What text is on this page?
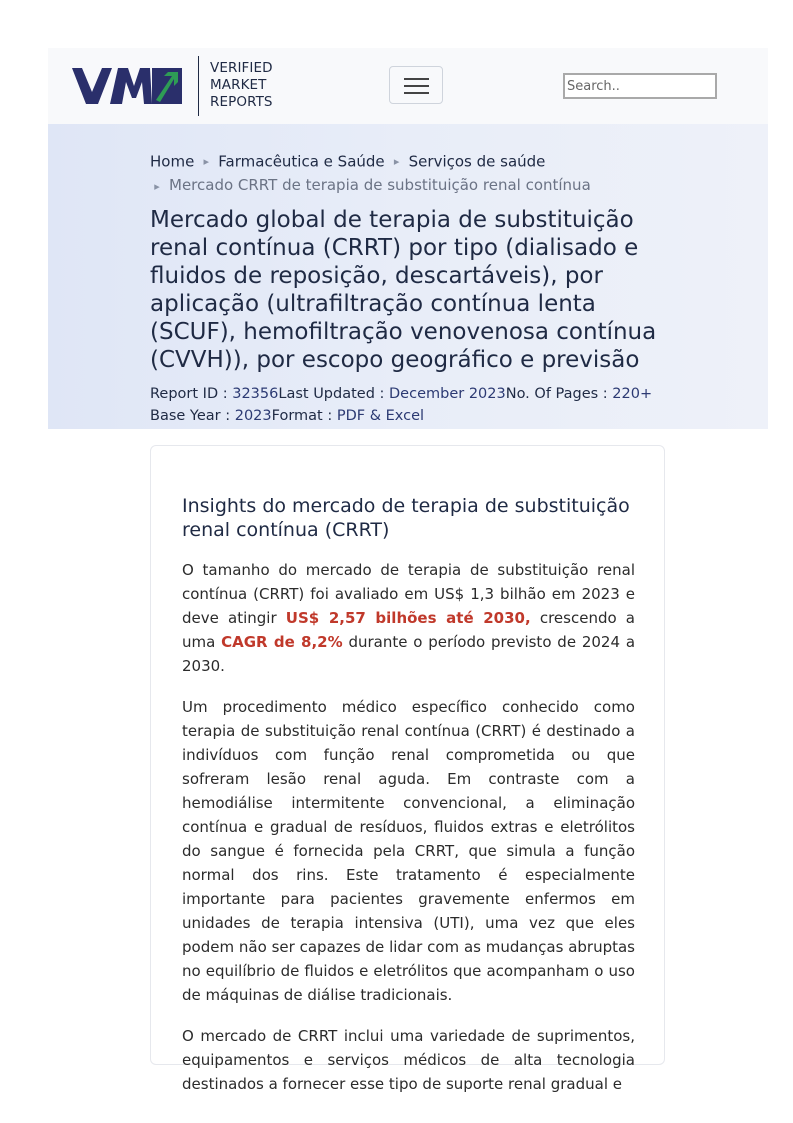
VERIFIED
MARKET
REPORTS
Search..
Home ▸ Farmacêutica e Saúde ▸ Serviços de saúde
▸ Mercado CRRT de terapia de substituição renal contínua
Mercado global de terapia de substituição renal contínua (CRRT) por tipo (dialisado e fluidos de reposição, descartáveis), por aplicação (ultrafiltração contínua lenta (SCUF), hemofiltração venovenosa contínua (CVVH)), por escopo geográfico e previsão
Report ID : 32356Last Updated : December 2023No. Of Pages : 220+
Base Year : 2023Format : PDF & Excel
Insights do mercado de terapia de substituição renal contínua (CRRT)

O tamanho do mercado de terapia de substituição renal contínua (CRRT) foi avaliado em US$ 1,3 bilhão em 2023 e deve atingir US$ 2,57 bilhões até 2030, crescendo a uma CAGR de 8,2% durante o período previsto de 2024 a 2030.

Um procedimento médico específico conhecido como terapia de substituição renal contínua (CRRT) é destinado a indivíduos com função renal comprometida ou que sofreram lesão renal aguda. Em contraste com a hemodiálise intermitente convencional, a eliminação contínua e gradual de resíduos, fluidos extras e eletrólitos do sangue é fornecida pela CRRT, que simula a função normal dos rins. Este tratamento é especialmente importante para pacientes gravemente enfermos em unidades de terapia intensiva (UTI), uma vez que eles podem não ser capazes de lidar com as mudanças abruptas no equilíbrio de fluidos e eletrólitos que acompanham o uso de máquinas de diálise tradicionais.

O mercado de CRRT inclui uma variedade de suprimentos, equipamentos e serviços médicos de alta tecnologia destinados a fornecer esse tipo de suporte renal gradual e
